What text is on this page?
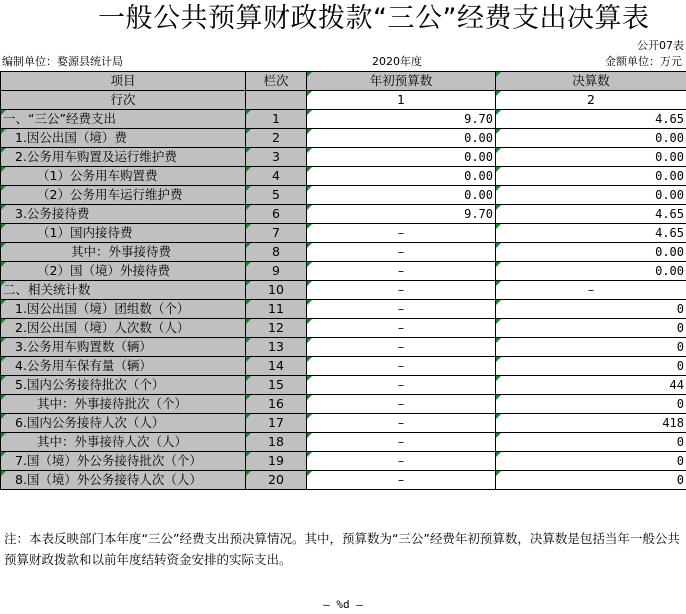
一般公共预算财政拨款“三公”经费支出决算表
公开07表
编制单位：婺源县统计局	2020年度	金额单位：万元
项目	栏次	年初预算数	决算数
行次		1	2
一、“三公”经费支出	1	9.70	4.65
1.因公出国（境）费	2	0.00	0.00
2.公务用车购置及运行维护费	3	0.00	0.00
（1）公务用车购置费	4	0.00	0.00
（2）公务用车运行维护费	5	0.00	0.00
3.公务接待费	6	9.70	4.65
（1）国内接待费	7	–	4.65
其中：外事接待费	8	–	0.00
（2）国（境）外接待费	9	–	0.00
二、相关统计数	10	–	–
1.因公出国（境）团组数（个）	11	–	0
2.因公出国（境）人次数（人）	12	–	0
3.公务用车购置数（辆）	13	–	0
4.公务用车保有量（辆）	14	–	0
5.国内公务接待批次（个）	15	–	44
其中：外事接待批次（个）	16	–	0
6.国内公务接待人次（人）	17	–	418
其中：外事接待人次（人）	18	–	0
7.国（境）外公务接待批次（个）	19	–	0
8.国（境）外公务接待人次（人）	20	–	0
注：本表反映部门本年度“三公”经费支出预决算情况。其中，预算数为“三公”经费年初预算数，决算数是包括当年一般公共预算财政拨款和以前年度结转资金安排的实际支出。
— %d —
